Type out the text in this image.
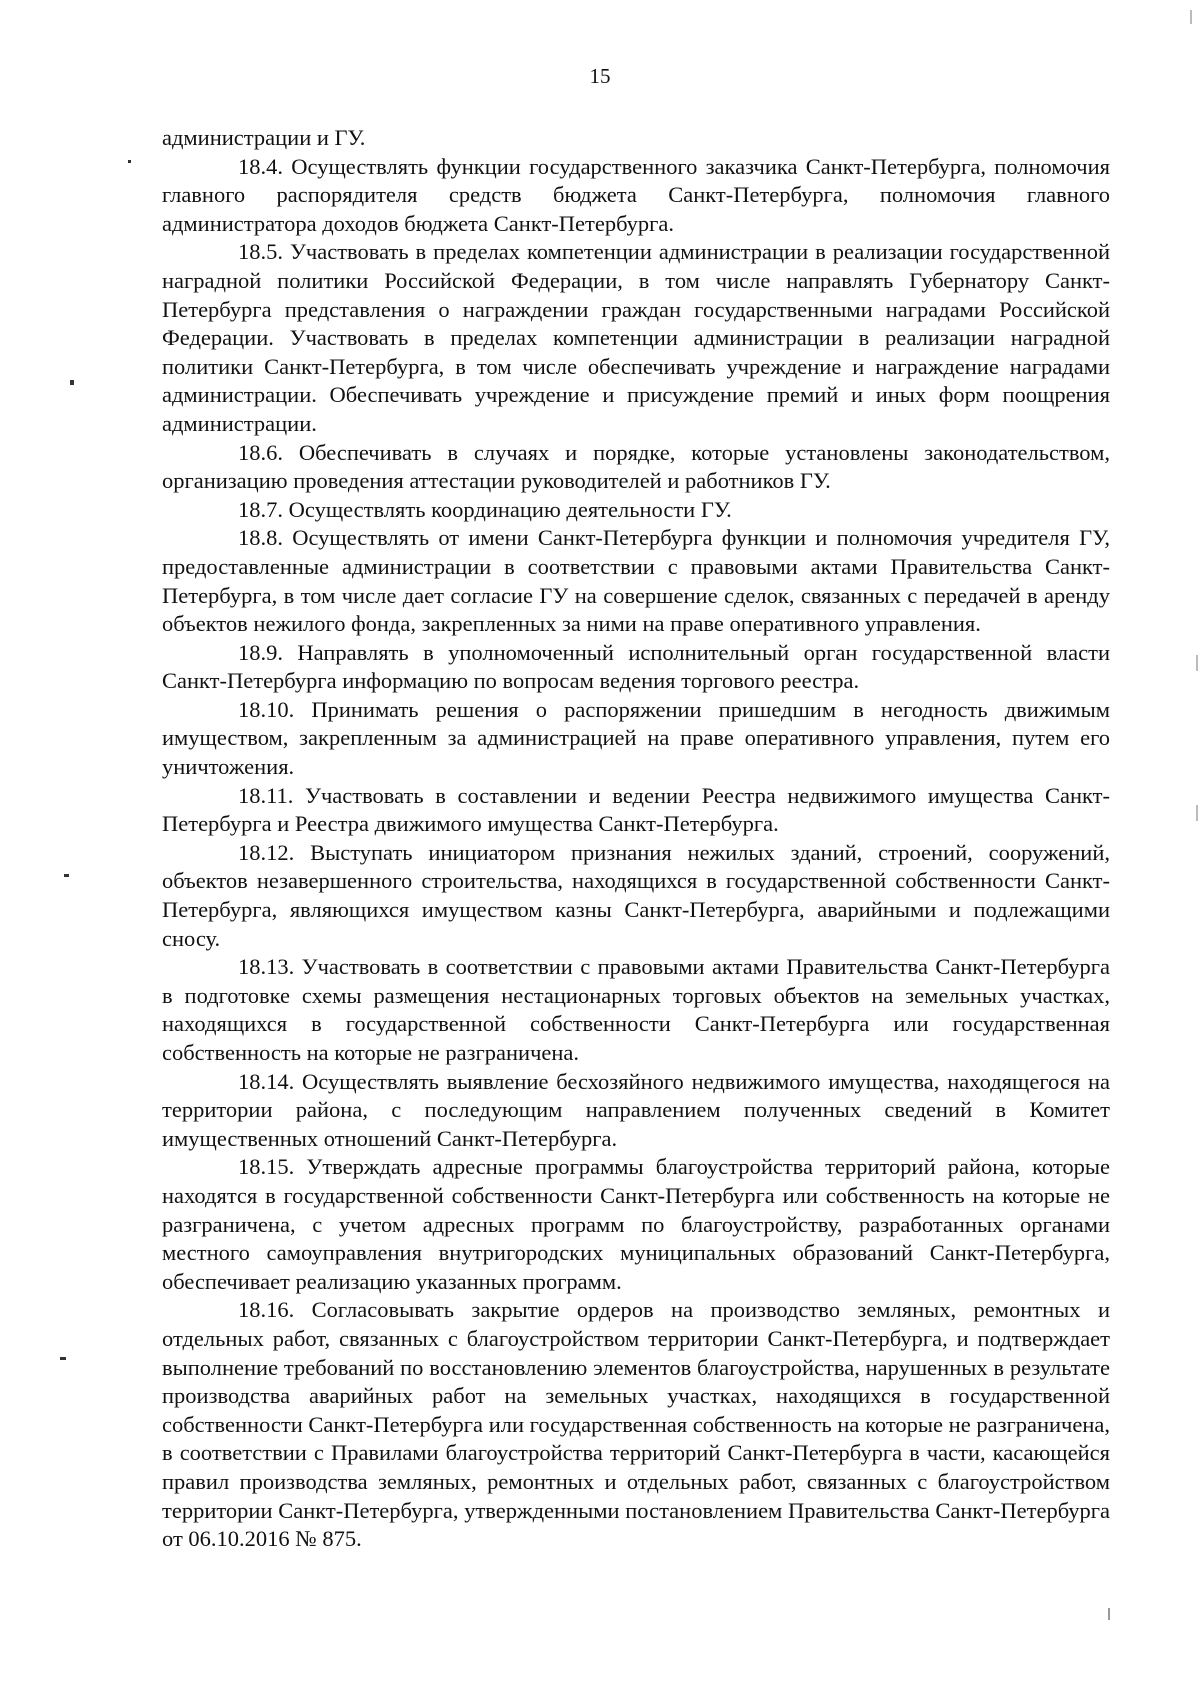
15

администрации и ГУ.

18.4. Осуществлять функции государственного заказчика Санкт-Петербурга, полномочия главного распорядителя средств бюджета Санкт-Петербурга, полномочия главного администратора доходов бюджета Санкт-Петербурга.

18.5. Участвовать в пределах компетенции администрации в реализации государственной наградной политики Российской Федерации, в том числе направлять Губернатору Санкт-Петербурга представления о награждении граждан государственными наградами Российской Федерации. Участвовать в пределах компетенции администрации в реализации наградной политики Санкт-Петербурга, в том числе обеспечивать учреждение и награждение наградами администрации. Обеспечивать учреждение и присуждение премий и иных форм поощрения администрации.

18.6. Обеспечивать в случаях и порядке, которые установлены законодательством, организацию проведения аттестации руководителей и работников ГУ.

18.7. Осуществлять координацию деятельности ГУ.

18.8. Осуществлять от имени Санкт-Петербурга функции и полномочия учредителя ГУ, предоставленные администрации в соответствии с правовыми актами Правительства Санкт-Петербурга, в том числе дает согласие ГУ на совершение сделок, связанных с передачей в аренду объектов нежилого фонда, закрепленных за ними на праве оперативного управления.

18.9. Направлять в уполномоченный исполнительный орган государственной власти Санкт-Петербурга информацию по вопросам ведения торгового реестра.

18.10. Принимать решения о распоряжении пришедшим в негодность движимым имуществом, закрепленным за администрацией на праве оперативного управления, путем его уничтожения.

18.11. Участвовать в составлении и ведении Реестра недвижимого имущества Санкт-Петербурга и Реестра движимого имущества Санкт-Петербурга.

18.12. Выступать инициатором признания нежилых зданий, строений, сооружений, объектов незавершенного строительства, находящихся в государственной собственности Санкт-Петербурга, являющихся имуществом казны Санкт-Петербурга, аварийными и подлежащими сносу.

18.13. Участвовать в соответствии с правовыми актами Правительства Санкт-Петербурга в подготовке схемы размещения нестационарных торговых объектов на земельных участках, находящихся в государственной собственности Санкт-Петербурга или государственная собственность на которые не разграничена.

18.14. Осуществлять выявление бесхозяйного недвижимого имущества, находящегося на территории района, с последующим направлением полученных сведений в Комитет имущественных отношений Санкт-Петербурга.

18.15. Утверждать адресные программы благоустройства территорий района, которые находятся в государственной собственности Санкт-Петербурга или собственность на которые не разграничена, с учетом адресных программ по благоустройству, разработанных органами местного самоуправления внутригородских муниципальных образований Санкт-Петербурга, обеспечивает реализацию указанных программ.

18.16. Согласовывать закрытие ордеров на производство земляных, ремонтных и отдельных работ, связанных с благоустройством территории Санкт-Петербурга, и подтверждает выполнение требований по восстановлению элементов благоустройства, нарушенных в результате производства аварийных работ на земельных участках, находящихся в государственной собственности Санкт-Петербурга или государственная собственность на которые не разграничена, в соответствии с Правилами благоустройства территорий Санкт-Петербурга в части, касающейся правил производства земляных, ремонтных и отдельных работ, связанных с благоустройством территории Санкт-Петербурга, утвержденными постановлением Правительства Санкт-Петербурга от 06.10.2016 № 875.
